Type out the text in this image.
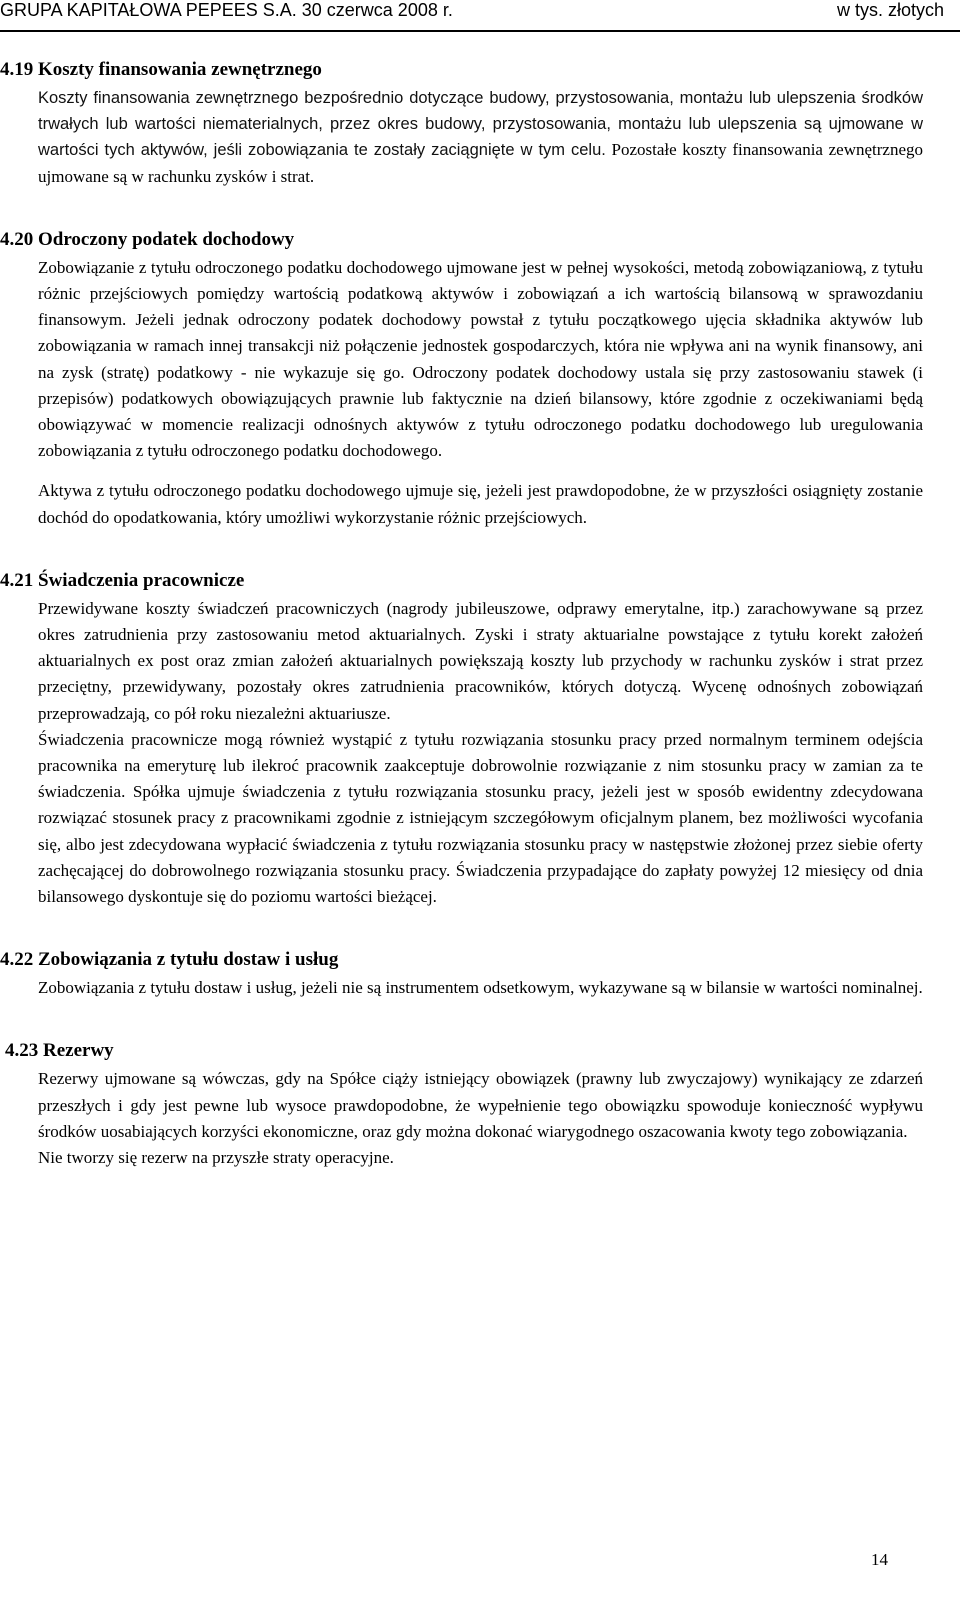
GRUPA KAPITAŁOWA PEPEES S.A. 30 czerwca 2008 r.	w tys. złotych
4.19 Koszty finansowania zewnętrznego

Koszty finansowania zewnętrznego bezpośrednio dotyczące budowy, przystosowania, montażu lub ulepszenia środków trwałych lub wartości niematerialnych, przez okres budowy, przystosowania, montażu lub ulepszenia są ujmowane w wartości tych aktywów, jeśli zobowiązania te zostały zaciągnięte w tym celu. Pozostałe koszty finansowania zewnętrznego ujmowane są w rachunku zysków i strat.

4.20 Odroczony podatek dochodowy

Zobowiązanie z tytułu odroczonego podatku dochodowego ujmowane jest w pełnej wysokości, metodą zobowiązaniową, z tytułu różnic przejściowych pomiędzy wartością podatkową aktywów i zobowiązań a ich wartością bilansową w sprawozdaniu finansowym. Jeżeli jednak odroczony podatek dochodowy powstał z tytułu początkowego ujęcia składnika aktywów lub zobowiązania w ramach innej transakcji niż połączenie jednostek gospodarczych, która nie wpływa ani na wynik finansowy, ani na zysk (stratę) podatkowy - nie wykazuje się go. Odroczony podatek dochodowy ustala się przy zastosowaniu stawek (i przepisów) podatkowych obowiązujących prawnie lub faktycznie na dzień bilansowy, które zgodnie z oczekiwaniami będą obowiązywać w momencie realizacji odnośnych aktywów z tytułu odroczonego podatku dochodowego lub uregulowania zobowiązania z tytułu odroczonego podatku dochodowego.

Aktywa z tytułu odroczonego podatku dochodowego ujmuje się, jeżeli jest prawdopodobne, że w przyszłości osiągnięty zostanie dochód do opodatkowania, który umożliwi wykorzystanie różnic przejściowych.

4.21 Świadczenia pracownicze

Przewidywane koszty świadczeń pracowniczych (nagrody jubileuszowe, odprawy emerytalne, itp.) zarachowywane są przez okres zatrudnienia przy zastosowaniu metod aktuarialnych. Zyski i straty aktuarialne powstające z tytułu korekt założeń aktuarialnych ex post oraz zmian założeń aktuarialnych powiększają koszty lub przychody w rachunku zysków i strat przez przeciętny, przewidywany, pozostały okres zatrudnienia pracowników, których dotyczą. Wycenę odnośnych zobowiązań przeprowadzają, co pół roku niezależni aktuariusze.

Świadczenia pracownicze mogą również wystąpić z tytułu rozwiązania stosunku pracy przed normalnym terminem odejścia pracownika na emeryturę lub ilekroć pracownik zaakceptuje dobrowolnie rozwiązanie z nim stosunku pracy w zamian za te świadczenia. Spółka ujmuje świadczenia z tytułu rozwiązania stosunku pracy, jeżeli jest w sposób ewidentny zdecydowana rozwiązać stosunek pracy z pracownikami zgodnie z istniejącym szczegółowym oficjalnym planem, bez możliwości wycofania się, albo jest zdecydowana wypłacić świadczenia z tytułu rozwiązania stosunku pracy w następstwie złożonej przez siebie oferty zachęcającej do dobrowolnego rozwiązania stosunku pracy. Świadczenia przypadające do zapłaty powyżej 12 miesięcy od dnia bilansowego dyskontuje się do poziomu wartości bieżącej.

4.22 Zobowiązania z tytułu dostaw i usług

Zobowiązania z tytułu dostaw i usług, jeżeli nie są instrumentem odsetkowym, wykazywane są w bilansie w wartości nominalnej.

4.23 Rezerwy

Rezerwy ujmowane są wówczas, gdy na Spółce ciąży istniejący obowiązek (prawny lub zwyczajowy) wynikający ze zdarzeń przeszłych i gdy jest pewne lub wysoce prawdopodobne, że wypełnienie tego obowiązku spowoduje konieczność wypływu środków uosabiających korzyści ekonomiczne, oraz gdy można dokonać wiarygodnego oszacowania kwoty tego zobowiązania.

Nie tworzy się rezerw na przyszłe straty operacyjne.

14
